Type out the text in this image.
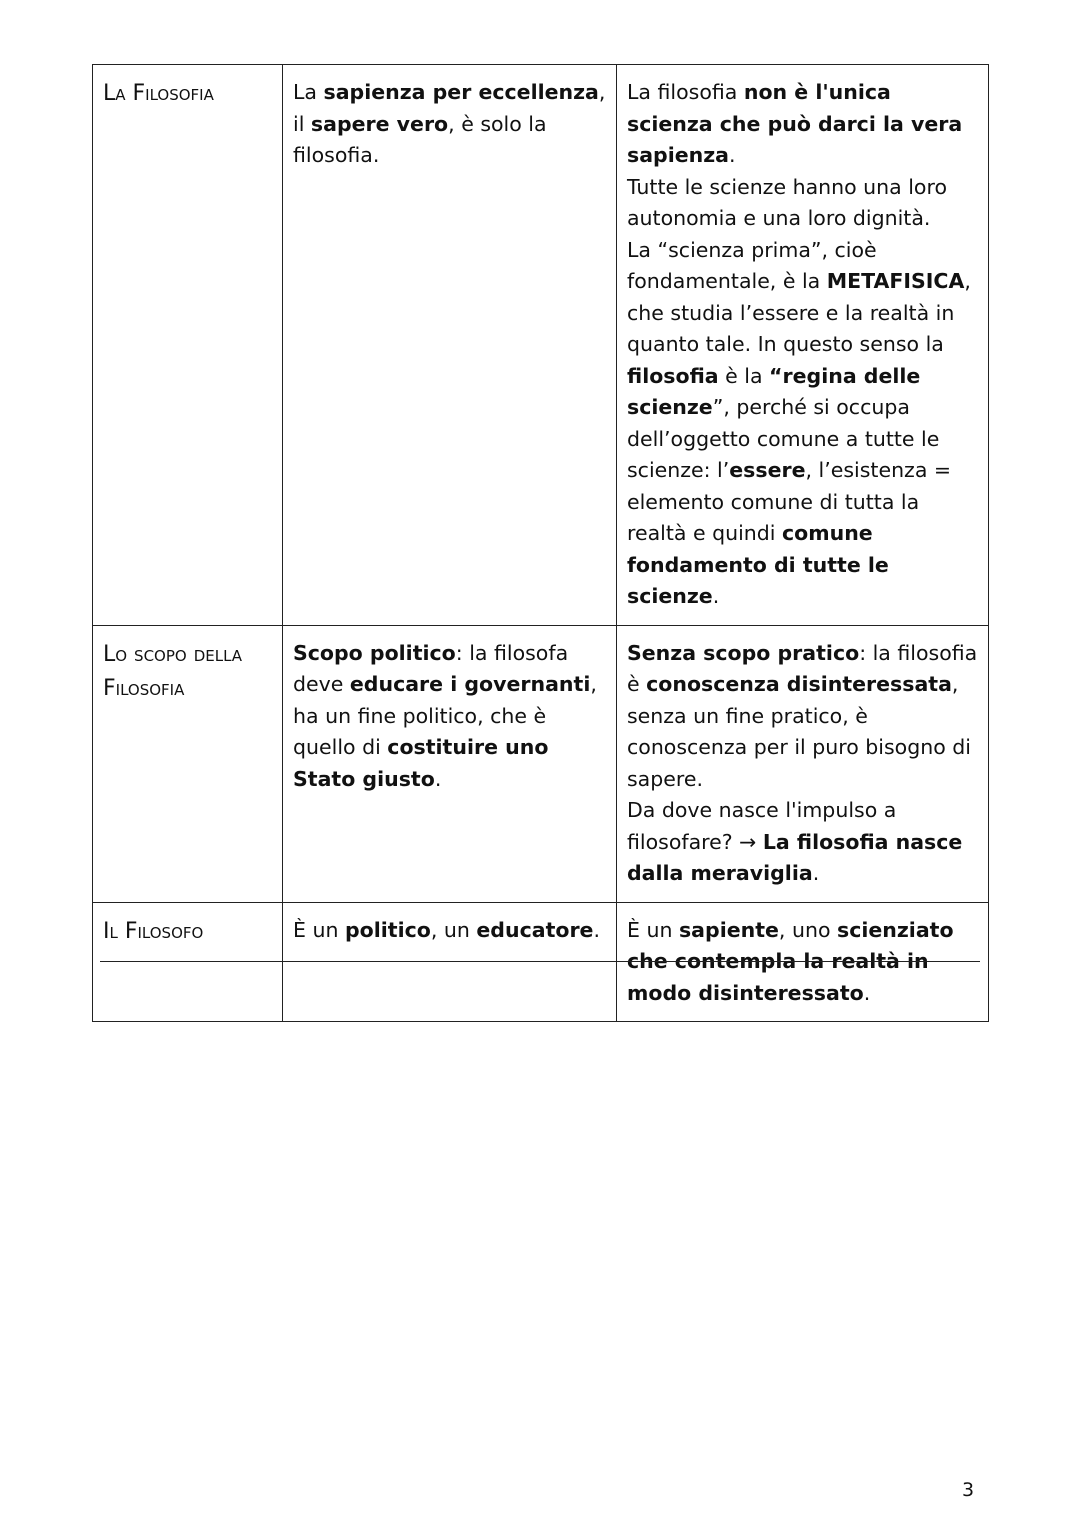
La Filosofia	La sapienza per eccellenza, il sapere vero, è solo la filosofia.	La filosofia non è l'unica scienza che può darci la vera sapienza.
Tutte le scienze hanno una loro autonomia e una loro dignità.
La “scienza prima”, cioè fondamentale, è la METAFISICA, che studia l’essere e la realtà in quanto tale. In questo senso la filosofia è la “regina delle scienze”, perché si occupa dell’oggetto comune a tutte le scienze: l’essere, l’esistenza = elemento comune di tutta la realtà e quindi comune fondamento di tutte le scienze.
Lo scopo della Filosofia	Scopo politico: la filosofa deve educare i governanti, ha un fine politico, che è quello di costituire uno Stato giusto.	Senza scopo pratico: la filosofia è conoscenza disinteressata, senza un fine pratico, è conoscenza per il puro bisogno di sapere.
Da dove nasce l'impulso a filosofare? → La filosofia nasce dalla meraviglia.
Il Filosofo	È un politico, un educatore.	È un sapiente, uno scienziato che contempla la realtà in modo disinteressato.
3
